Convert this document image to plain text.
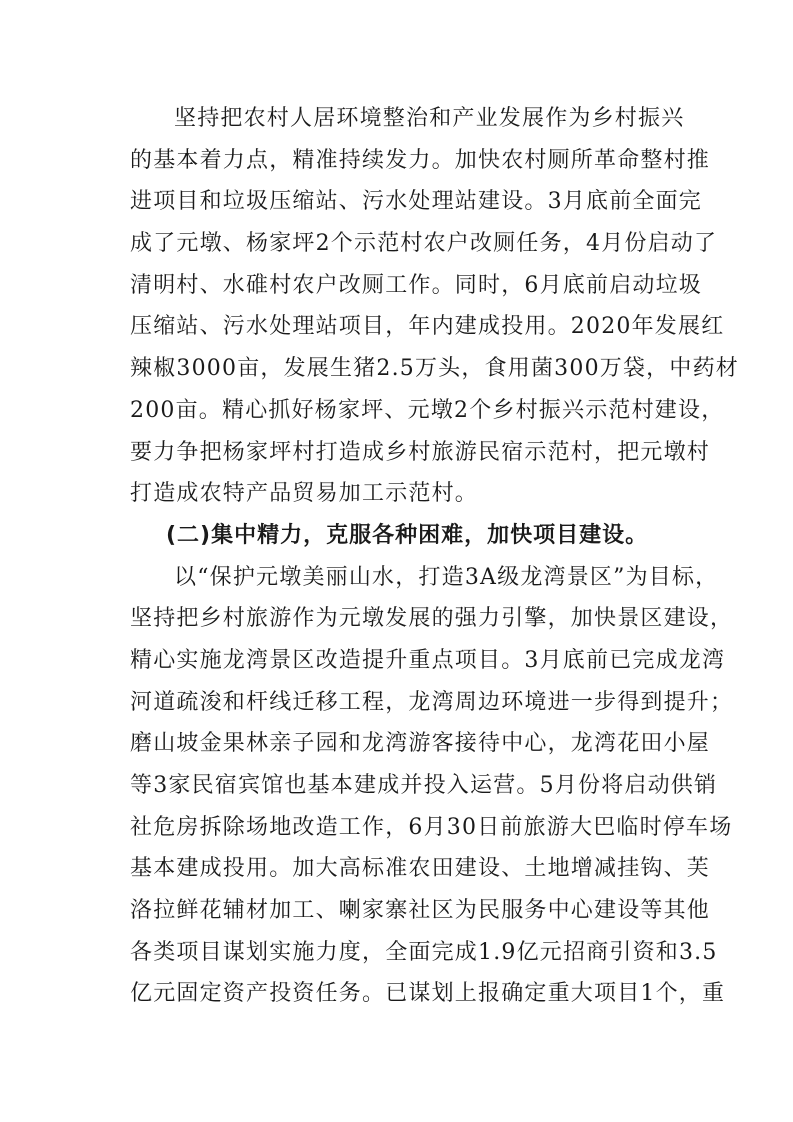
坚持把农村人居环境整治和产业发展作为乡村振兴
的基本着力点，精准持续发力。加快农村厕所革命整村推
进项目和垃圾压缩站、污水处理站建设。3月底前全面完
成了元墩、杨家坪2个示范村农户改厕任务，4月份启动了
清明村、水碓村农户改厕工作。同时，6月底前启动垃圾
压缩站、污水处理站项目，年内建成投用。2020年发展红
辣椒3000亩，发展生猪2.5万头，食用菌300万袋，中药材
200亩。精心抓好杨家坪、元墩2个乡村振兴示范村建设，
要力争把杨家坪村打造成乡村旅游民宿示范村，把元墩村
打造成农特产品贸易加工示范村。
(二)集中精力，克服各种困难，加快项目建设。
以“保护元墩美丽山水，打造3A级龙湾景区”为目标，
坚持把乡村旅游作为元墩发展的强力引擎，加快景区建设，
精心实施龙湾景区改造提升重点项目。3月底前已完成龙湾
河道疏浚和杆线迁移工程，龙湾周边环境进一步得到提升；
磨山坡金果林亲子园和龙湾游客接待中心，龙湾花田小屋
等3家民宿宾馆也基本建成并投入运营。5月份将启动供销
社危房拆除场地改造工作，6月30日前旅游大巴临时停车场
基本建成投用。加大高标准农田建设、土地增减挂钩、芙
洛拉鲜花辅材加工、喇家寨社区为民服务中心建设等其他
各类项目谋划实施力度，全面完成1.9亿元招商引资和3.5
亿元固定资产投资任务。已谋划上报确定重大项目1个，重
